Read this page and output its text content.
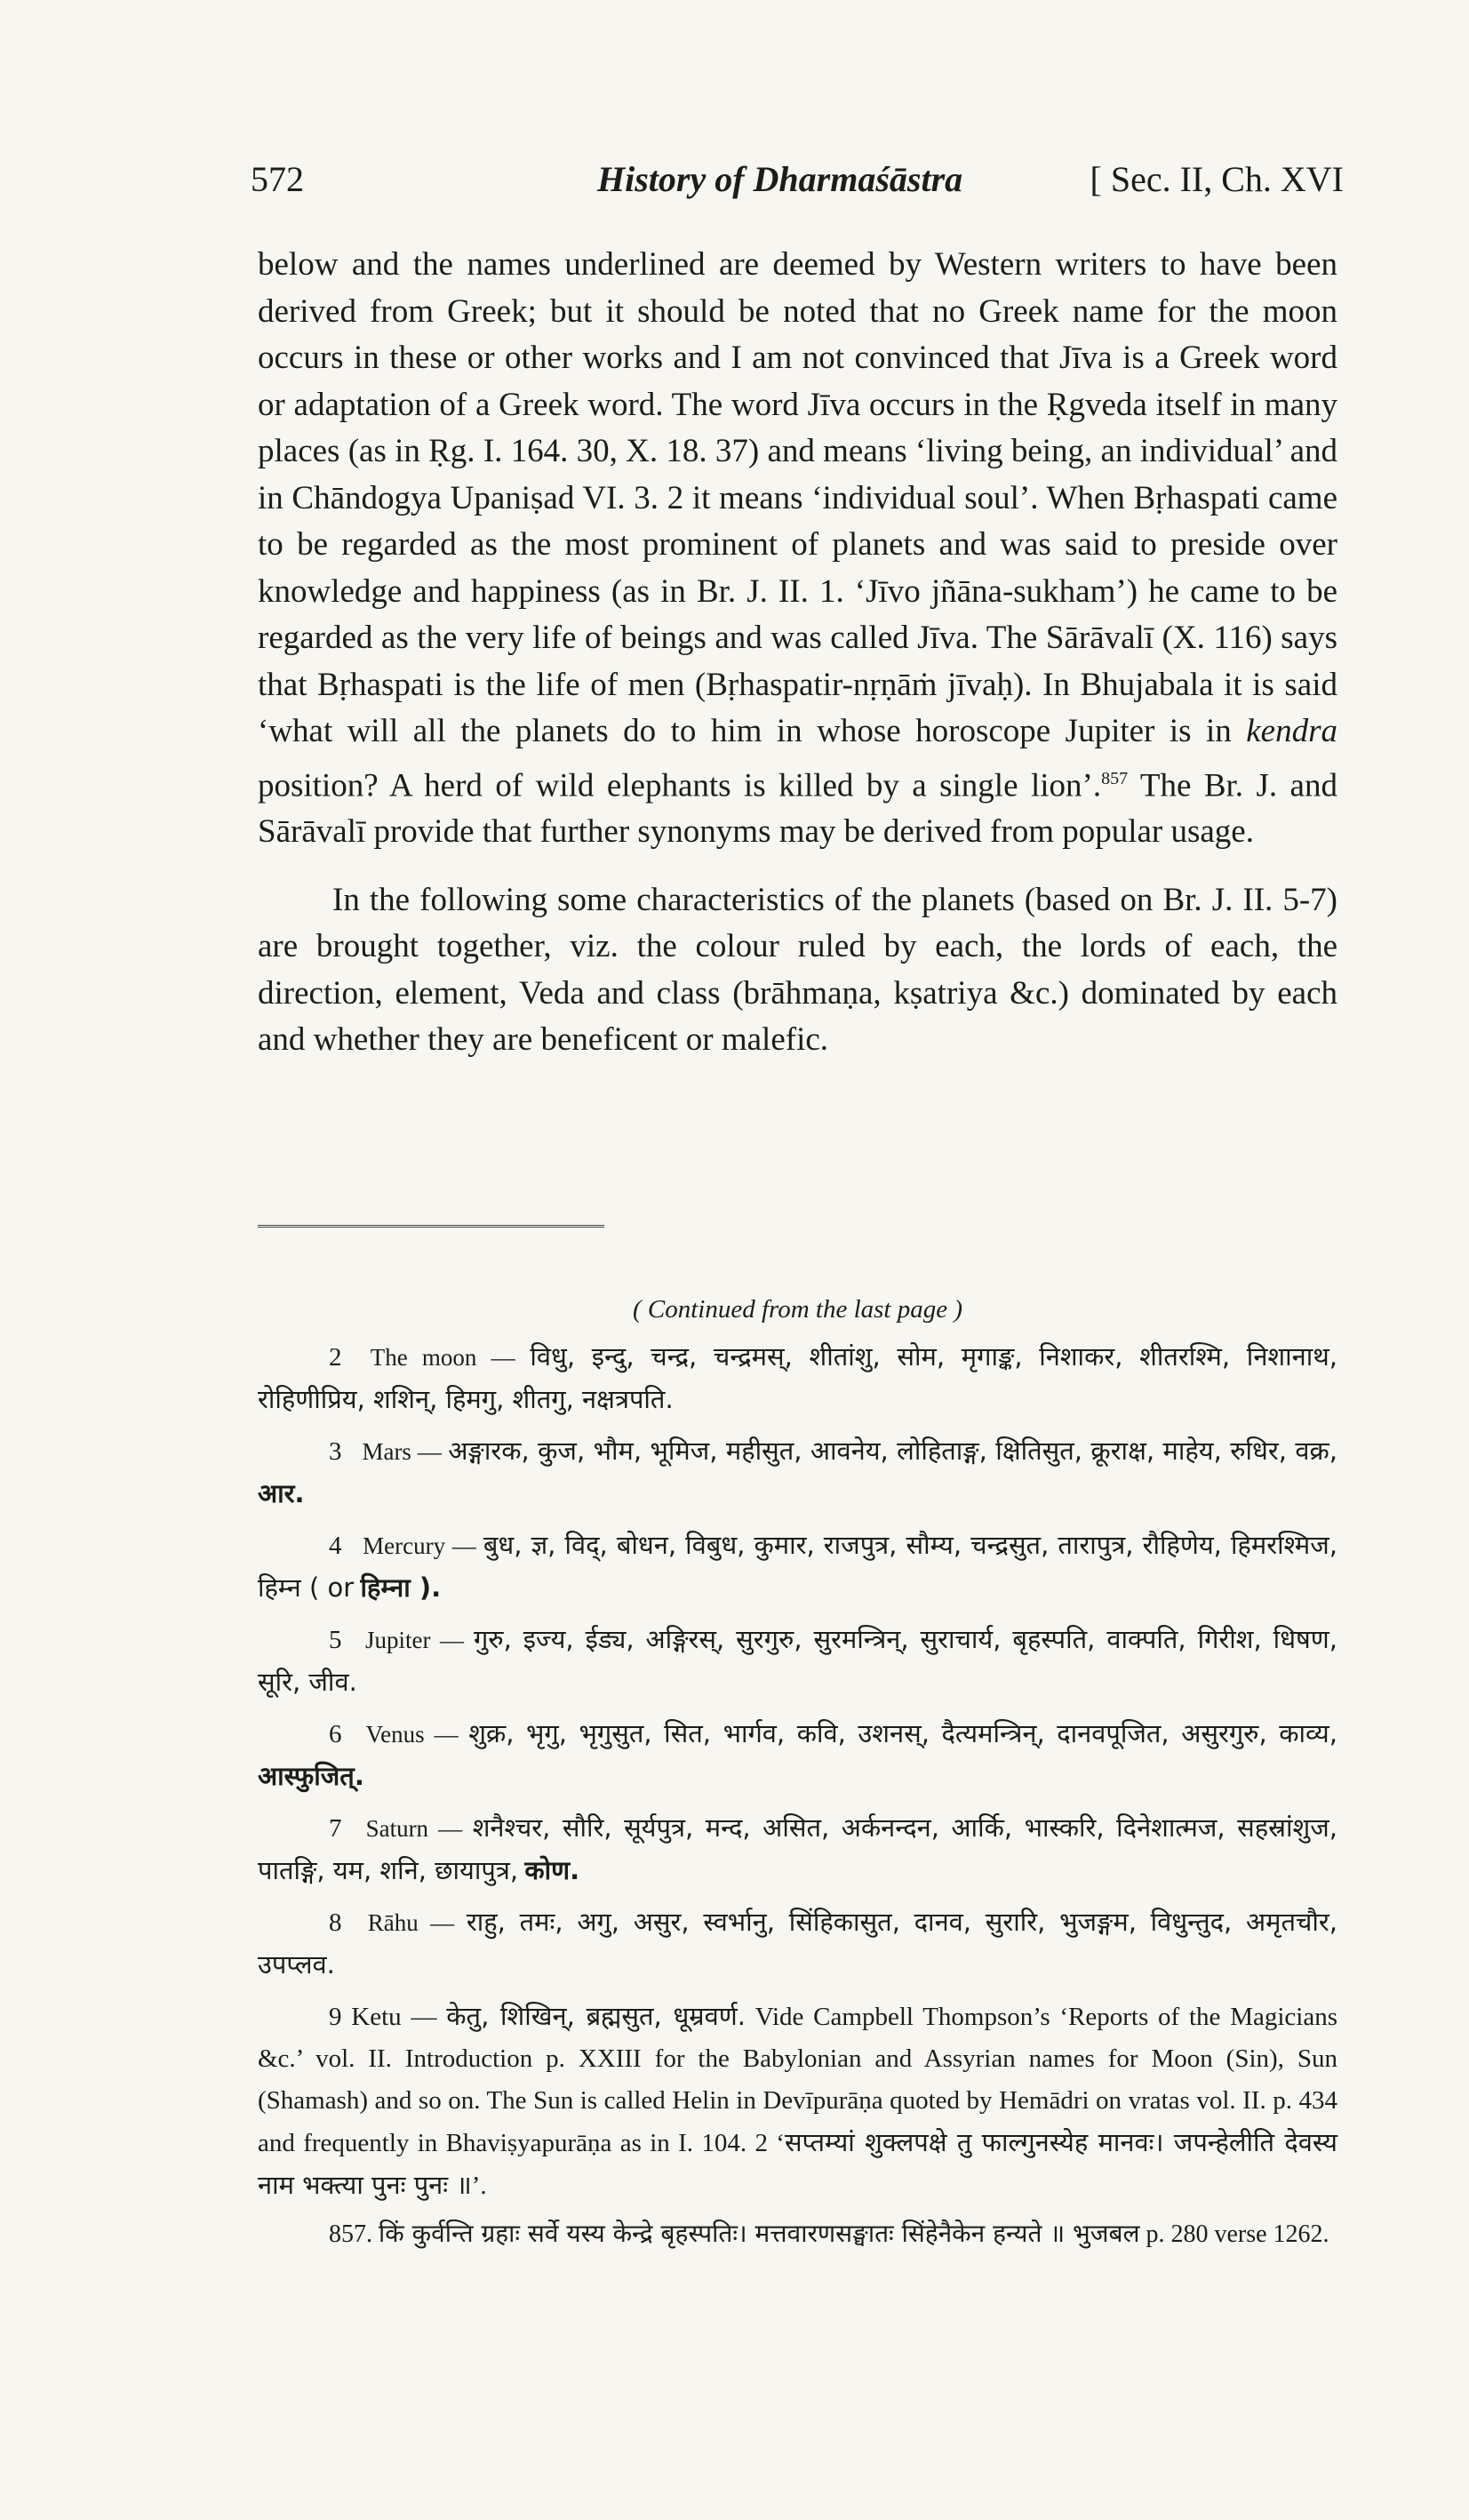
572	History of Dharmaśāstra	[ Sec. II, Ch. XVI

below and the names underlined are deemed by Western writers to have been derived from Greek; but it should be noted that no Greek name for the moon occurs in these or other works and I am not convinced that Jīva is a Greek word or adaptation of a Greek word. The word Jīva occurs in the Ṛgveda itself in many places (as in Ṛg. I. 164. 30, X. 18. 37) and means ‘living being, an individual’ and in Chāndogya Upaniṣad VI. 3. 2 it means ‘individual soul’. When Bṛhaspati came to be regarded as the most prominent of planets and was said to preside over knowledge and happiness (as in Br. J. II. 1. ‘Jīvo jñāna-sukham’) he came to be regarded as the very life of beings and was called Jīva. The Sārāvalī (X. 116) says that Bṛhaspati is the life of men (Bṛhaspatir-nṛṇāṁ jīvaḥ). In Bhujabala it is said ‘what will all the planets do to him in whose horoscope Jupiter is in kendra position? A herd of wild elephants is killed by a single lion’.$^{857}$ The Br. J. and Sārāvalī provide that further synonyms may be derived from popular usage.

In the following some characteristics of the planets (based on Br. J. II. 5-7) are brought together, viz. the colour ruled by each, the lords of each, the direction, element, Veda and class (brāhmaṇa, kṣatriya &c.) dominated by each and whether they are beneficent or malefic.

( Continued from the last page )

2 The moon — विधु, इन्दु, चन्द्र, चन्द्रमस्, शीतांशु, सोम, मृगाङ्क, निशाकर, शीतरश्मि, निशानाथ, रोहिणीप्रिय, शशिन्, हिमगु, शीतगु, नक्षत्रपति.

3 Mars — अङ्गारक, कुज, भौम, भूमिज, महीसुत, आवनेय, लोहिताङ्ग, क्षितिसुत, क्रूराक्ष, माहेय, रुधिर, वक्र, आर.

4 Mercury — बुध, ज्ञ, विद्, बोधन, विबुध, कुमार, राजपुत्र, सौम्य, चन्द्रसुत, तारापुत्र, रौहिणेय, हिमरश्मिज, हिम्न ( or हिम्ना ).

5 Jupiter — गुरु, इज्य, ईड्य, अङ्गिरस्, सुरगुरु, सुरमन्त्रिन्, सुराचार्य, बृहस्पति, वाक्पति, गिरीश, धिषण, सूरि, जीव.

6 Venus — शुक्र, भृगु, भृगुसुत, सित, भार्गव, कवि, उशनस्, दैत्यमन्त्रिन्, दानवपूजित, असुरगुरु, काव्य, आस्फुजित्.

7 Saturn — शनैश्चर, सौरि, सूर्यपुत्र, मन्द, असित, अर्कनन्दन, आर्कि, भास्करि, दिनेशात्मज, सहस्रांशुज, पातङ्गि, यम, शनि, छायापुत्र, कोण.

8 Rāhu — राहु, तमः, अगु, असुर, स्वर्भानु, सिंहिकासुत, दानव, सुरारि, भुजङ्गम, विधुन्तुद, अमृतचौर, उपप्लव.

9 Ketu — केतु, शिखिन्, ब्रह्मसुत, धूम्रवर्ण. Vide Campbell Thompson’s ‘Reports of the Magicians &c.’ vol. II. Introduction p. XXIII for the Babylonian and Assyrian names for Moon (Sin), Sun (Shamash) and so on. The Sun is called Helin in Devīpurāṇa quoted by Hemādri on vratas vol. II. p. 434 and frequently in Bhaviṣyapurāṇa as in I. 104. 2 ‘सप्तम्यां शुक्लपक्षे तु फाल्गुनस्येह मानवः। जपन्हेलीति देवस्य नाम भक्त्या पुनः पुनः ॥’.

857. किं कुर्वन्ति ग्रहाः सर्वे यस्य केन्द्रे बृहस्पतिः। मत्तवारणसङ्घातः सिंहेनैकेन हन्यते ॥ भुजबल p. 280 verse 1262.
